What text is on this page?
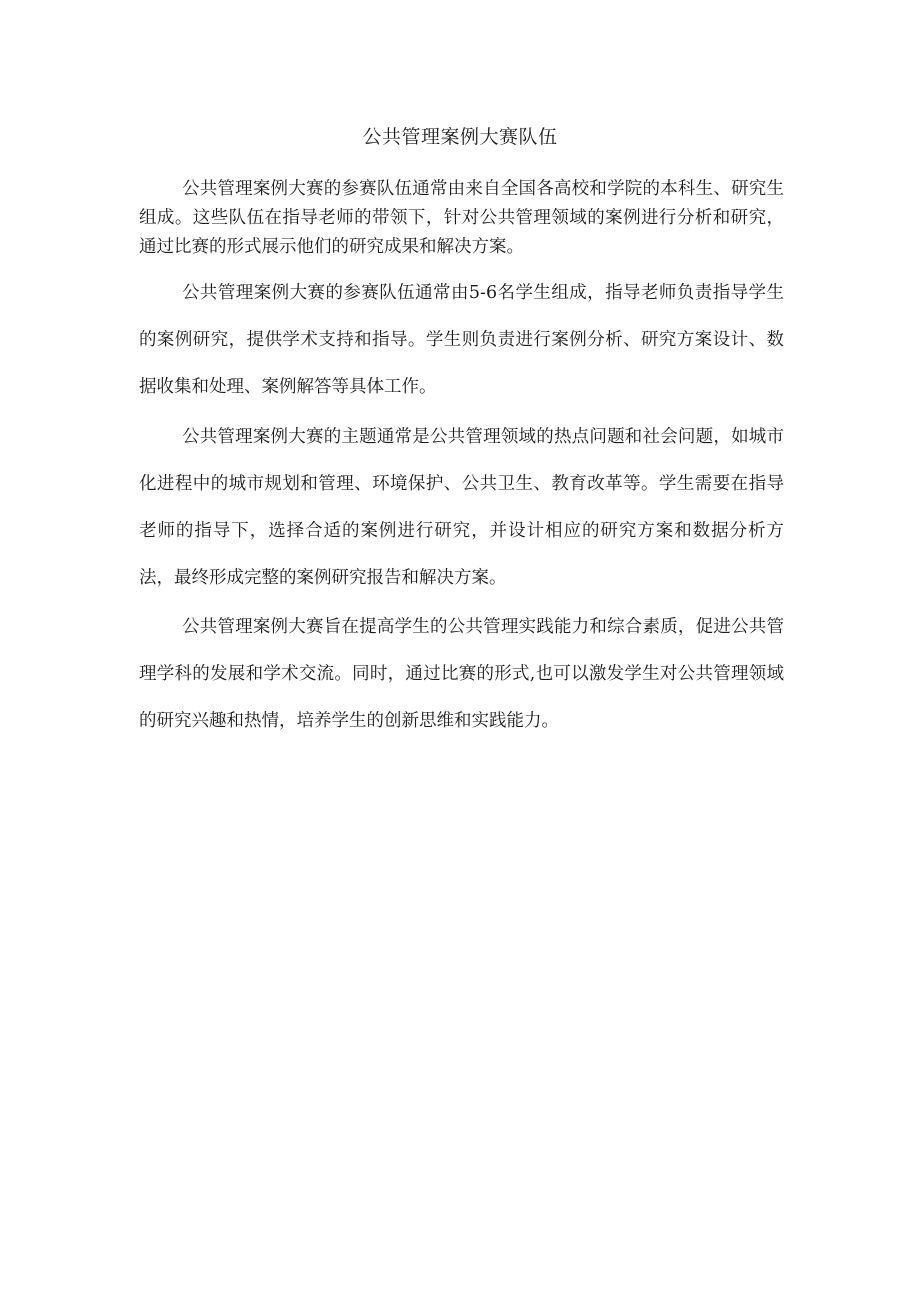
公共管理案例大赛队伍

公共管理案例大赛的参赛队伍通常由来自全国各高校和学院的本科生、研究生组成。这些队伍在指导老师的带领下，针对公共管理领域的案例进行分析和研究，通过比赛的形式展示他们的研究成果和解决方案。

公共管理案例大赛的参赛队伍通常由5-6名学生组成，指导老师负责指导学生的案例研究，提供学术支持和指导。学生则负责进行案例分析、研究方案设计、数据收集和处理、案例解答等具体工作。

公共管理案例大赛的主题通常是公共管理领域的热点问题和社会问题，如城市化进程中的城市规划和管理、环境保护、公共卫生、教育改革等。学生需要在指导老师的指导下，选择合适的案例进行研究，并设计相应的研究方案和数据分析方法，最终形成完整的案例研究报告和解决方案。

公共管理案例大赛旨在提高学生的公共管理实践能力和综合素质，促进公共管理学科的发展和学术交流。同时，通过比赛的形式,也可以激发学生对公共管理领域的研究兴趣和热情，培养学生的创新思维和实践能力。
